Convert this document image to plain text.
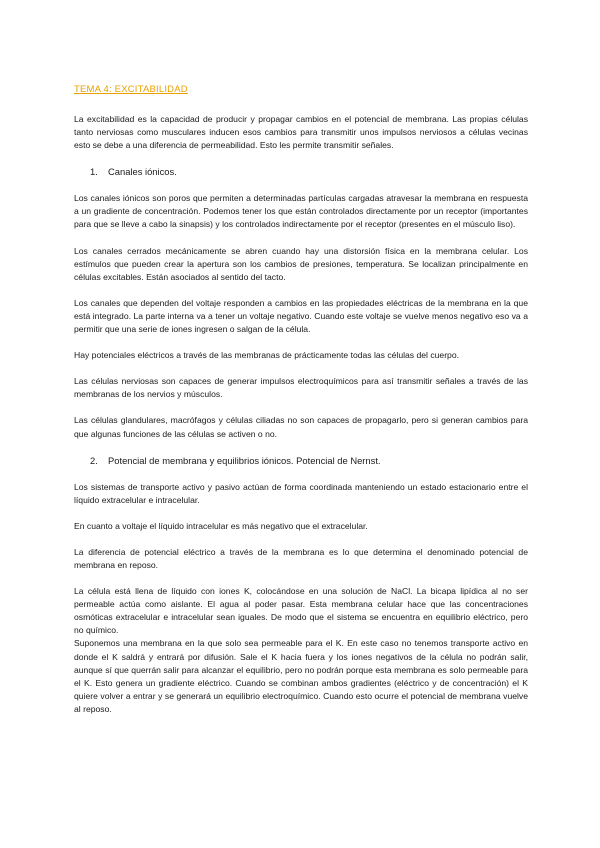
TEMA 4: EXCITABILIDAD

La excitabilidad es la capacidad de producir y propagar cambios en el potencial de membrana. Las propias células tanto nerviosas como musculares inducen esos cambios para transmitir unos impulsos nerviosos a células vecinas esto se debe a una diferencia de permeabilidad. Esto les permite transmitir señales.

1.	Canales iónicos.

Los canales iónicos son poros que permiten a determinadas partículas cargadas atravesar la membrana en respuesta a un gradiente de concentración. Podemos tener los que están controlados directamente por un receptor (importantes para que se lleve a cabo la sinapsis) y los controlados indirectamente por el receptor (presentes en el músculo liso).

Los canales cerrados mecánicamente se abren cuando hay una distorsión física en la membrana celular. Los estímulos que pueden crear la apertura son los cambios de presiones, temperatura. Se localizan principalmente en células excitables. Están asociados al sentido del tacto.

Los canales que dependen del voltaje responden a cambios en las propiedades eléctricas de la membrana en la que está integrado. La parte interna va a tener un voltaje negativo. Cuando este voltaje se vuelve menos negativo eso va a permitir que una serie de iones ingresen o salgan de la célula.

Hay potenciales eléctricos a través de las membranas de prácticamente todas las células del cuerpo.

Las células nerviosas son capaces de generar impulsos electroquímicos para así transmitir señales a través de las membranas de los nervios y músculos.

Las células glandulares, macrófagos y células ciliadas no son capaces de propagarlo, pero si generan cambios para que algunas funciones de las células se activen o no.

2.	Potencial de membrana y equilibrios iónicos. Potencial de Nernst.

Los sistemas de transporte activo y pasivo actúan de forma coordinada manteniendo un estado estacionario entre el líquido extracelular e intracelular.

En cuanto a voltaje el líquido intracelular es más negativo que el extracelular.

La diferencia de potencial eléctrico a través de la membrana es lo que determina el denominado potencial de membrana en reposo.

La célula está llena de líquido con iones K, colocándose en una solución de NaCl. La bicapa lipídica al no ser permeable actúa como aislante. El agua al poder pasar. Esta membrana celular hace que las concentraciones osmóticas extracelular e intracelular sean iguales. De modo que el sistema se encuentra en equilibrio eléctrico, pero no químico.

Suponemos una membrana en la que solo sea permeable para el K. En este caso no tenemos transporte activo en donde el K saldrá y entrará por difusión. Sale el K hacia fuera y los iones negativos de la célula no podrán salir, aunque sí que querrán salir para alcanzar el equilibrio, pero no podrán porque esta membrana es solo permeable para el K. Esto genera un gradiente eléctrico. Cuando se combinan ambos gradientes (eléctrico y de concentración) el K quiere volver a entrar y se generará un equilibrio electroquímico. Cuando esto ocurre el potencial de membrana vuelve al reposo.
